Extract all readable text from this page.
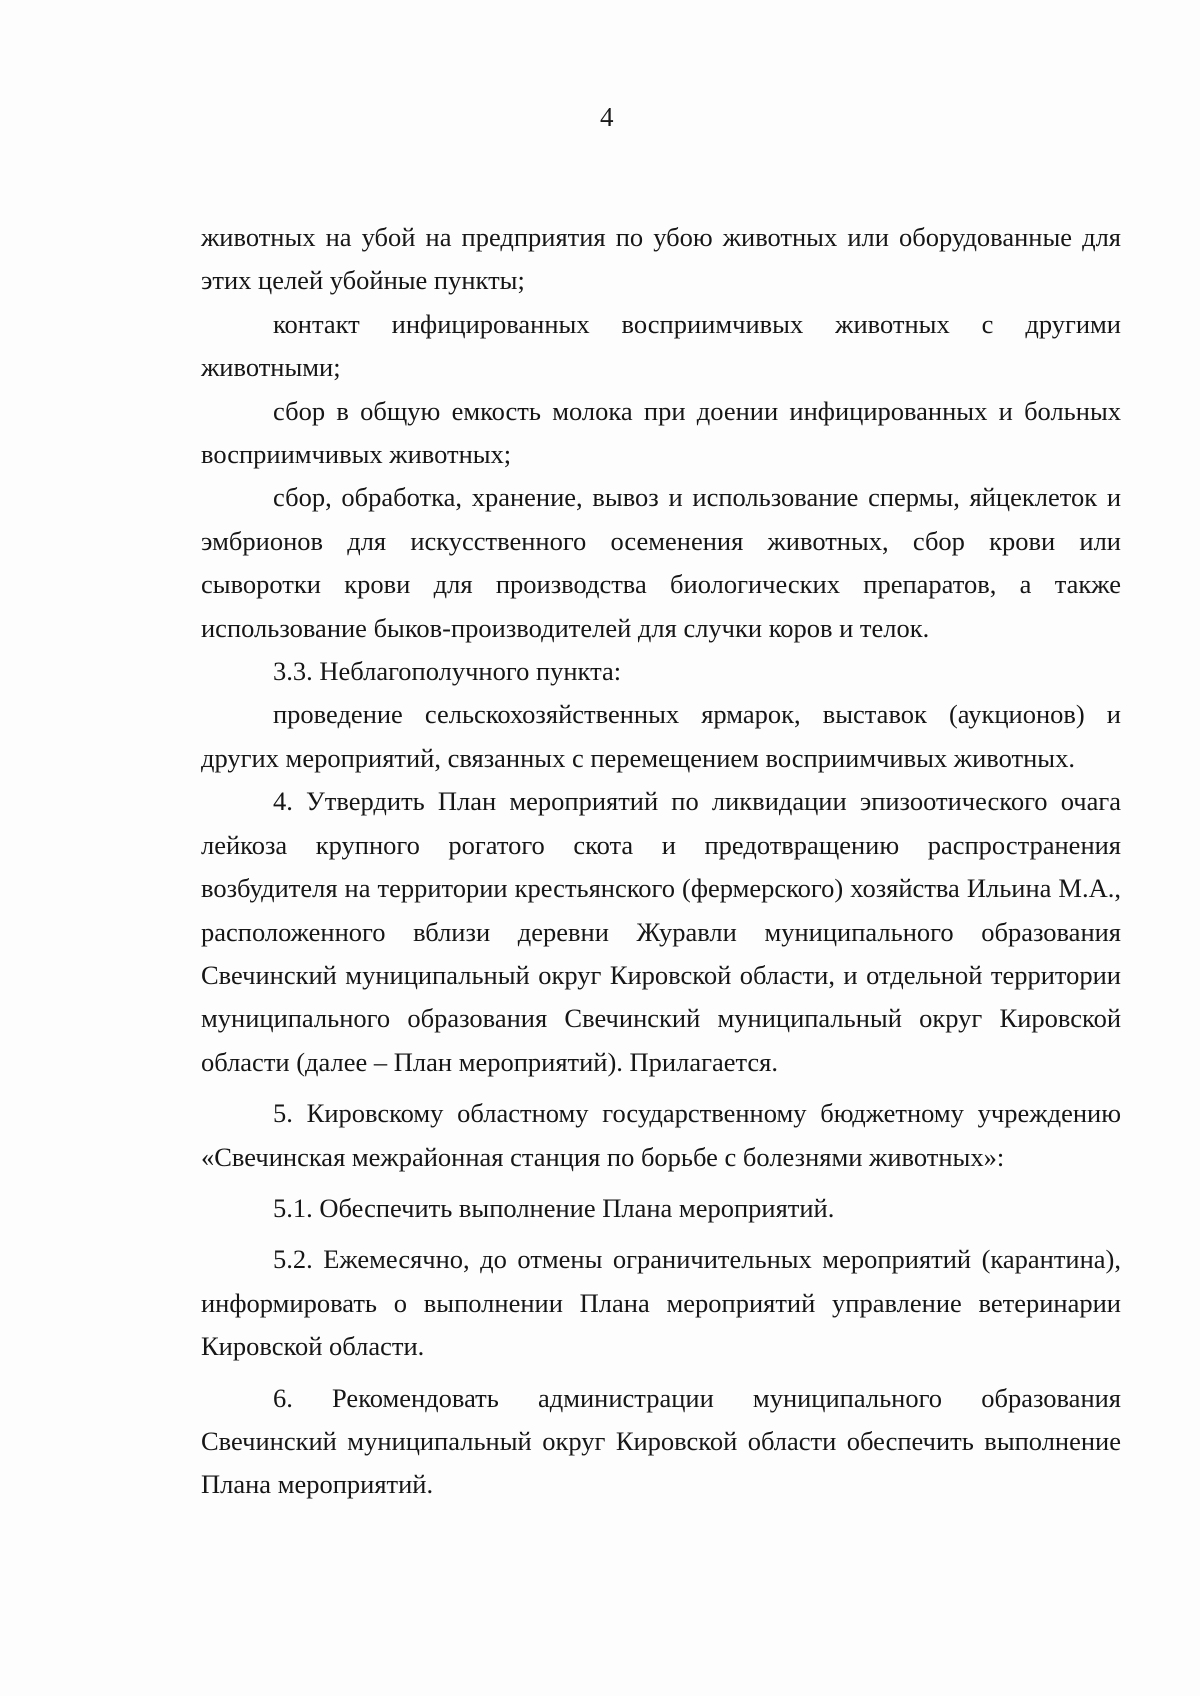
4

животных на убой на предприятия по убою животных или оборудованные для этих целей убойные пункты;

контакт инфицированных восприимчивых животных с другими животными;

сбор в общую емкость молока при доении инфицированных и больных восприимчивых животных;

сбор, обработка, хранение, вывоз и использование спермы, яйцеклеток и эмбрионов для искусственного осеменения животных, сбор крови или сыворотки крови для производства биологических препаратов, а также использование быков-производителей для случки коров и телок.

3.3. Неблагополучного пункта:

проведение сельскохозяйственных ярмарок, выставок (аукционов) и других мероприятий, связанных с перемещением восприимчивых животных.

4. Утвердить План мероприятий по ликвидации эпизоотического очага лейкоза крупного рогатого скота и предотвращению распространения возбудителя на территории крестьянского (фермерского) хозяйства Ильина М.А., расположенного вблизи деревни Журавли муниципального образования Свечинский муниципальный округ Кировской области, и отдельной территории муниципального образования Свечинский муниципальный округ Кировской области (далее – План мероприятий). Прилагается.

5. Кировскому областному государственному бюджетному учреждению «Свечинская межрайонная станция по борьбе с болезнями животных»:

5.1. Обеспечить выполнение Плана мероприятий.

5.2. Ежемесячно, до отмены ограничительных мероприятий (карантина), информировать о выполнении Плана мероприятий управление ветеринарии Кировской области.

6. Рекомендовать администрации муниципального образования Свечинский муниципальный округ Кировской области обеспечить выполнение Плана мероприятий.
